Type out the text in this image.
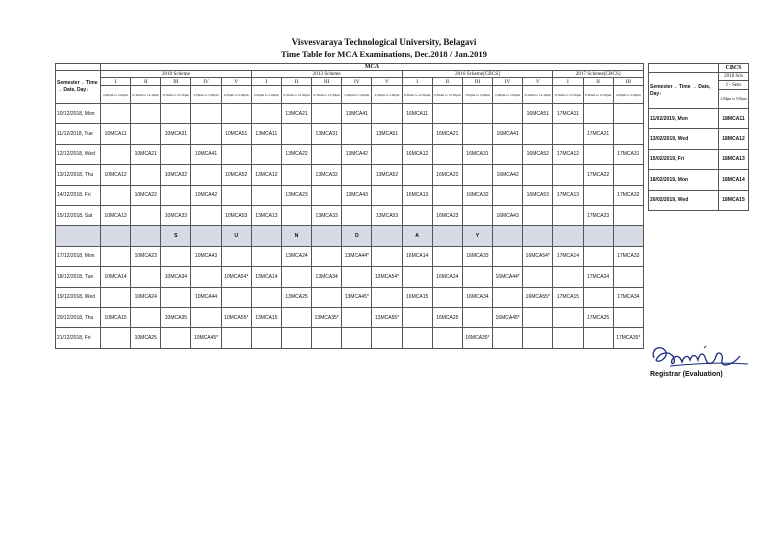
Visvesvaraya Technological University, Belagavi
Time Table for MCA Examinations, Dec.2018 / Jan.2019
	MCA																	
Semester→ Time → Date, Day↓	2010 Scheme					2013 Scheme					2016 Scheme[CBCS]					2017 Scheme[CBCS]		
	I	II	III	IV	V	I	II	III	IV	V	I	II	III	IV	V	I	II	III
	2.00pm to 5.00pm	9.30am to 12.30pm	9.30am to 12.30pm	2.00pm to 5.00pm	2.00pm to 5.00pm	2.00pm to 5.00pm	9.30am to 12.30pm	9.30am to 12.30pm	2.00pm to 5.00pm	2.00pm to 5.00pm	9.30am to 12.30pm	9.30am to 12.30pm	2.00pm to 5.00pm	2.00pm to 5.00pm	9.30am to 12.30pm	9.30am to 12.30pm	9.30am to 12.30pm	2.00pm to 5.00pm
10/12/2018, Mon							13MCA21		13MCA41		16MCA11				16MCA51	17MCA11		
11/12/2018, Tue	10MCA11		10MCA31		10MCA51	13MCA11		13MCA31		13MCA51		16MCA21		16MCA41			17MCA21	
12/12/2018, Wed		10MCA21		10MCA41			13MCA22		13MCA42		16MCA12		16MCA31		16MCA52	17MCA12		17MCA31
13/12/2018, Thu	10MCA12		10MCA32		10MCA52	13MCA12		13MCA32		13MCA52		16MCA22		16MCA42			17MCA22	
14/12/2018, Fri		10MCA22		10MCA42			13MCA23		13MCA43		16MCA13		16MCA32		16MCA53	17MCA13		17MCA32
15/12/2018, Sat	10MCA13		10MCA33		10MCA53	13MCA13		13MCA33		13MCA53		16MCA23		16MCA43			17MCA23	
			S		U		N		D		A		Y					
17/12/2018, Mon		10MCA23		10MCA43			13MCA24		13MCA44*		16MCA14		16MCA33		16MCA54*	17MCA14		17MCA33
18/12/2018, Tue	10MCA14		10MCA34		10MCA54*	13MCA14		13MCA34		13MCA54*		16MCA24		16MCA44*			17MCA24	
19/12/2018, Wed		10MCA24		10MCA44			13MCA25		13MCA45*		16MCA15		16MCA34		16MCA55*	17MCA15		17MCA34
20/12/2018, Thu	10MCA15		10MCA35		10MCA55*	13MCA15		13MCA35*		13MCA55*		16MCA25		16MCA45*			17MCA25	
21/12/2018, Fri		10MCA25		10MCA45*									16MCA35*					17MCA35*
	CBCS
Semester→ Time → Date, Day↓	2018 Sch
	I - Sem
	2.00pm to 5.00pm
11/02/2019, Mon	18MCA11
13/02/2019, Wed	18MCA12
15/02/2019, Fri	18MCA13
18/02/2019, Mon	18MCA14
20/02/2019, Wed	18MCA15
Registrar (Evaluation)
